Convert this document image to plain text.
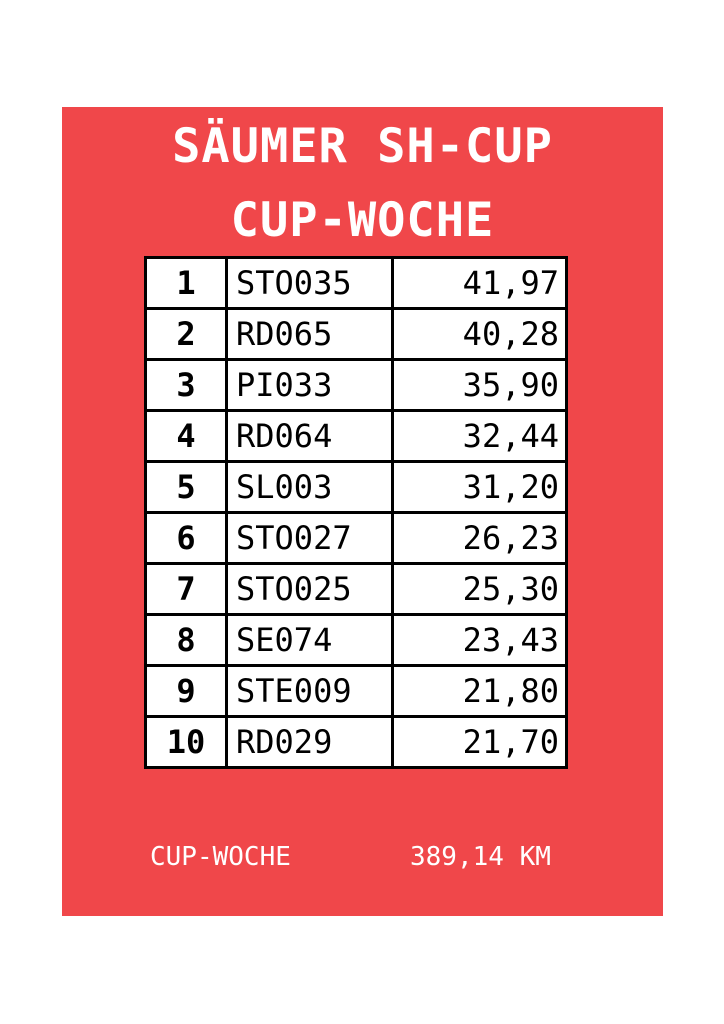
SÄUMER SH-CUP
CUP-WOCHE
1	STO035	41,97
2	RD065	40,28
3	PI033	35,90
4	RD064	32,44
5	SL003	31,20
6	STO027	26,23
7	STO025	25,30
8	SE074	23,43
9	STE009	21,80
10	RD029	21,70
CUP-WOCHE	389,14 KM
